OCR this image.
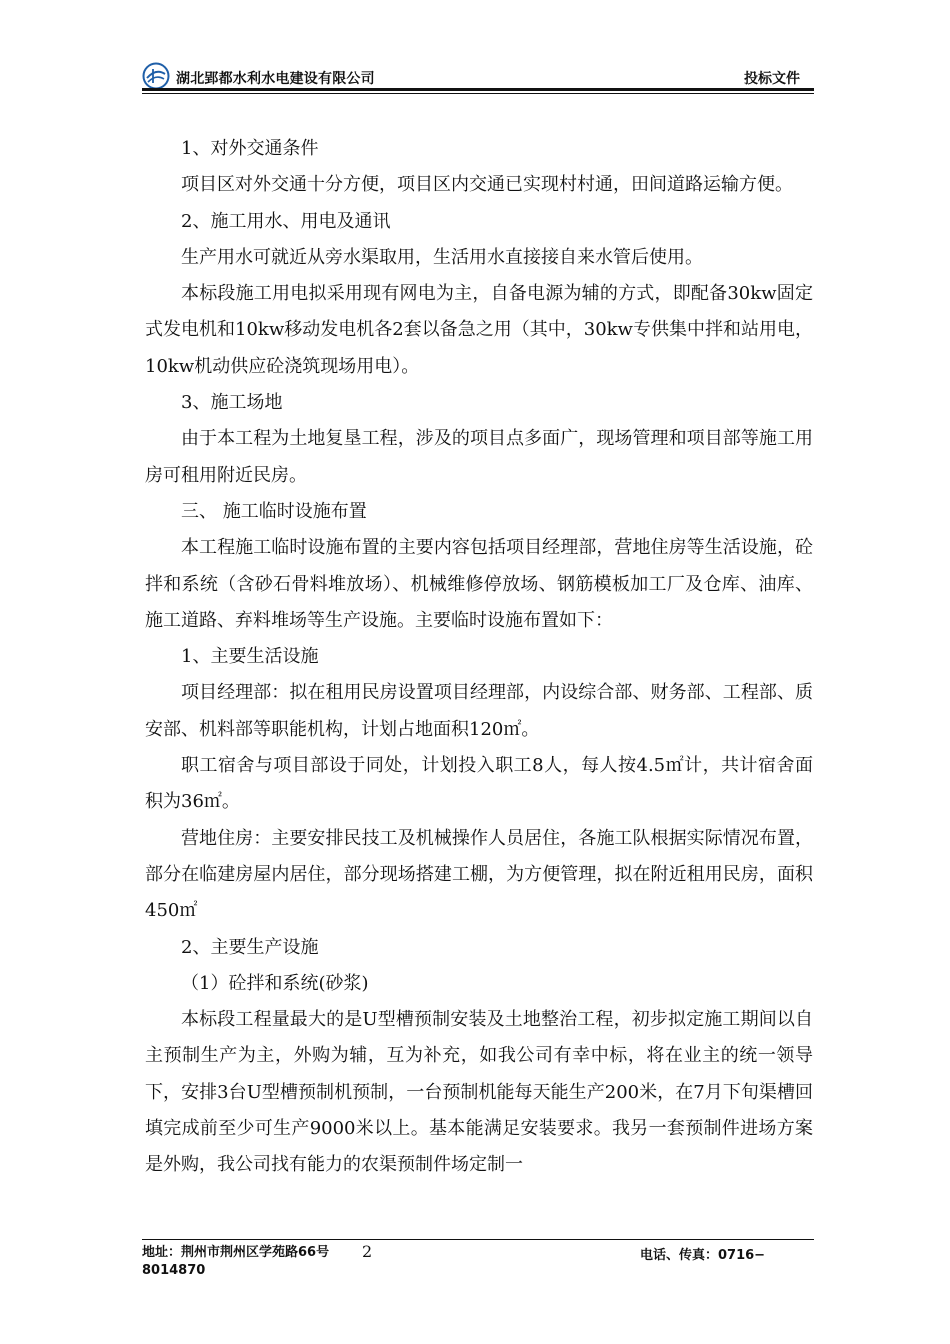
湖北郢都水利水电建设有限公司	投标文件

1、对外交通条件

项目区对外交通十分方便，项目区内交通已实现村村通，田间道路运输方便。

2、施工用水、用电及通讯

生产用水可就近从旁水渠取用，生活用水直接接自来水管后使用。

本标段施工用电拟采用现有网电为主，自备电源为辅的方式，即配备30kw固定式发电机和10kw移动发电机各2套以备急之用（其中，30kw专供集中拌和站用电，10kw机动供应砼浇筑现场用电）。

3、施工场地

由于本工程为土地复垦工程，涉及的项目点多面广，现场管理和项目部等施工用房可租用附近民房。

三、 施工临时设施布置

本工程施工临时设施布置的主要内容包括项目经理部，营地住房等生活设施，砼拌和系统（含砂石骨料堆放场）、机械维修停放场、钢筋模板加工厂及仓库、油库、施工道路、弃料堆场等生产设施。主要临时设施布置如下：

1、主要生活设施

项目经理部：拟在租用民房设置项目经理部，内设综合部、财务部、工程部、质安部、机料部等职能机构，计划占地面积120㎡。

职工宿舍与项目部设于同处，计划投入职工8人，每人按4.5㎡计，共计宿舍面积为36㎡。

营地住房：主要安排民技工及机械操作人员居住，各施工队根据实际情况布置，部分在临建房屋内居住，部分现场搭建工棚，为方便管理，拟在附近租用民房，面积450㎡

2、主要生产设施

（1）砼拌和系统(砂浆)

本标段工程量最大的是U型槽预制安装及土地整治工程，初步拟定施工期间以自主预制生产为主，外购为辅，互为补充，如我公司有幸中标，将在业主的统一领导下，安排3台U型槽预制机预制，一台预制机能每天能生产200米，在7月下旬渠槽回填完成前至少可生产9000米以上。基本能满足安装要求。我另一套预制件进场方案是外购，我公司找有能力的农渠预制件场定制一

地址：荆州市荆州区学苑路66号
8014870
2	电话、传真：0716−
